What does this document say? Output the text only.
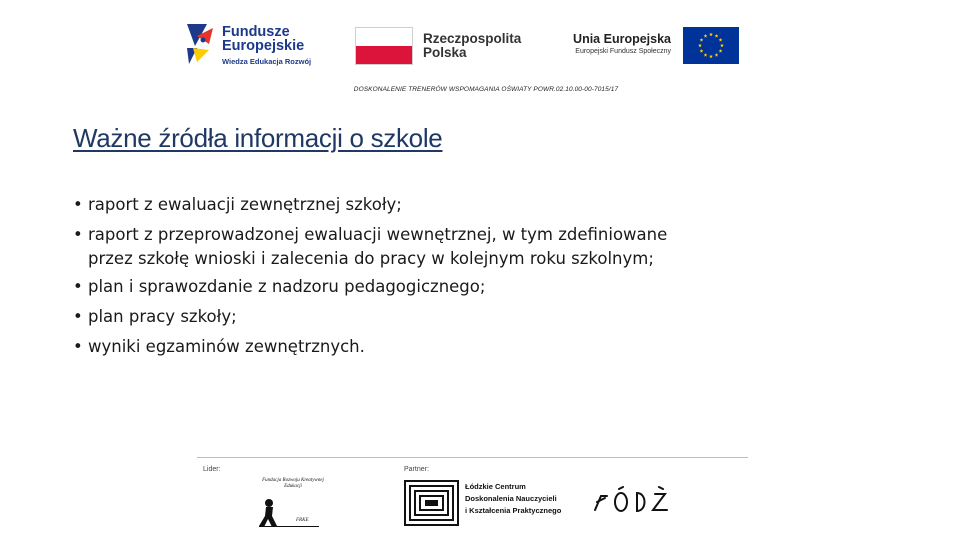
Fundusze
Europejskie
Wiedza Edukacja Rozwój
Rzeczpospolita
Polska
Unia Europejska
Europejski Fundusz Społeczny
DOSKONALENIE TRENERÓW WSPOMAGANIA OŚWIATY POWR.02.10.00-00-7015/17
Ważne źródła informacji o szkole
• raport z ewaluacji zewnętrznej szkoły;
• raport z przeprowadzonej ewaluacji wewnętrznej, w tym zdefiniowane
przez szkołę wnioski i zalecenia do pracy w kolejnym roku szkolnym;
• plan i sprawozdanie z nadzoru pedagogicznego;
• plan pracy szkoły;
• wyniki egzaminów zewnętrznych.
Lider:	Partner:
Fundacja Rozwoju Kreatywnej Edukacji
FRKE
Łódzkie Centrum
Doskonalenia Nauczycieli
i Kształcenia Praktycznego
